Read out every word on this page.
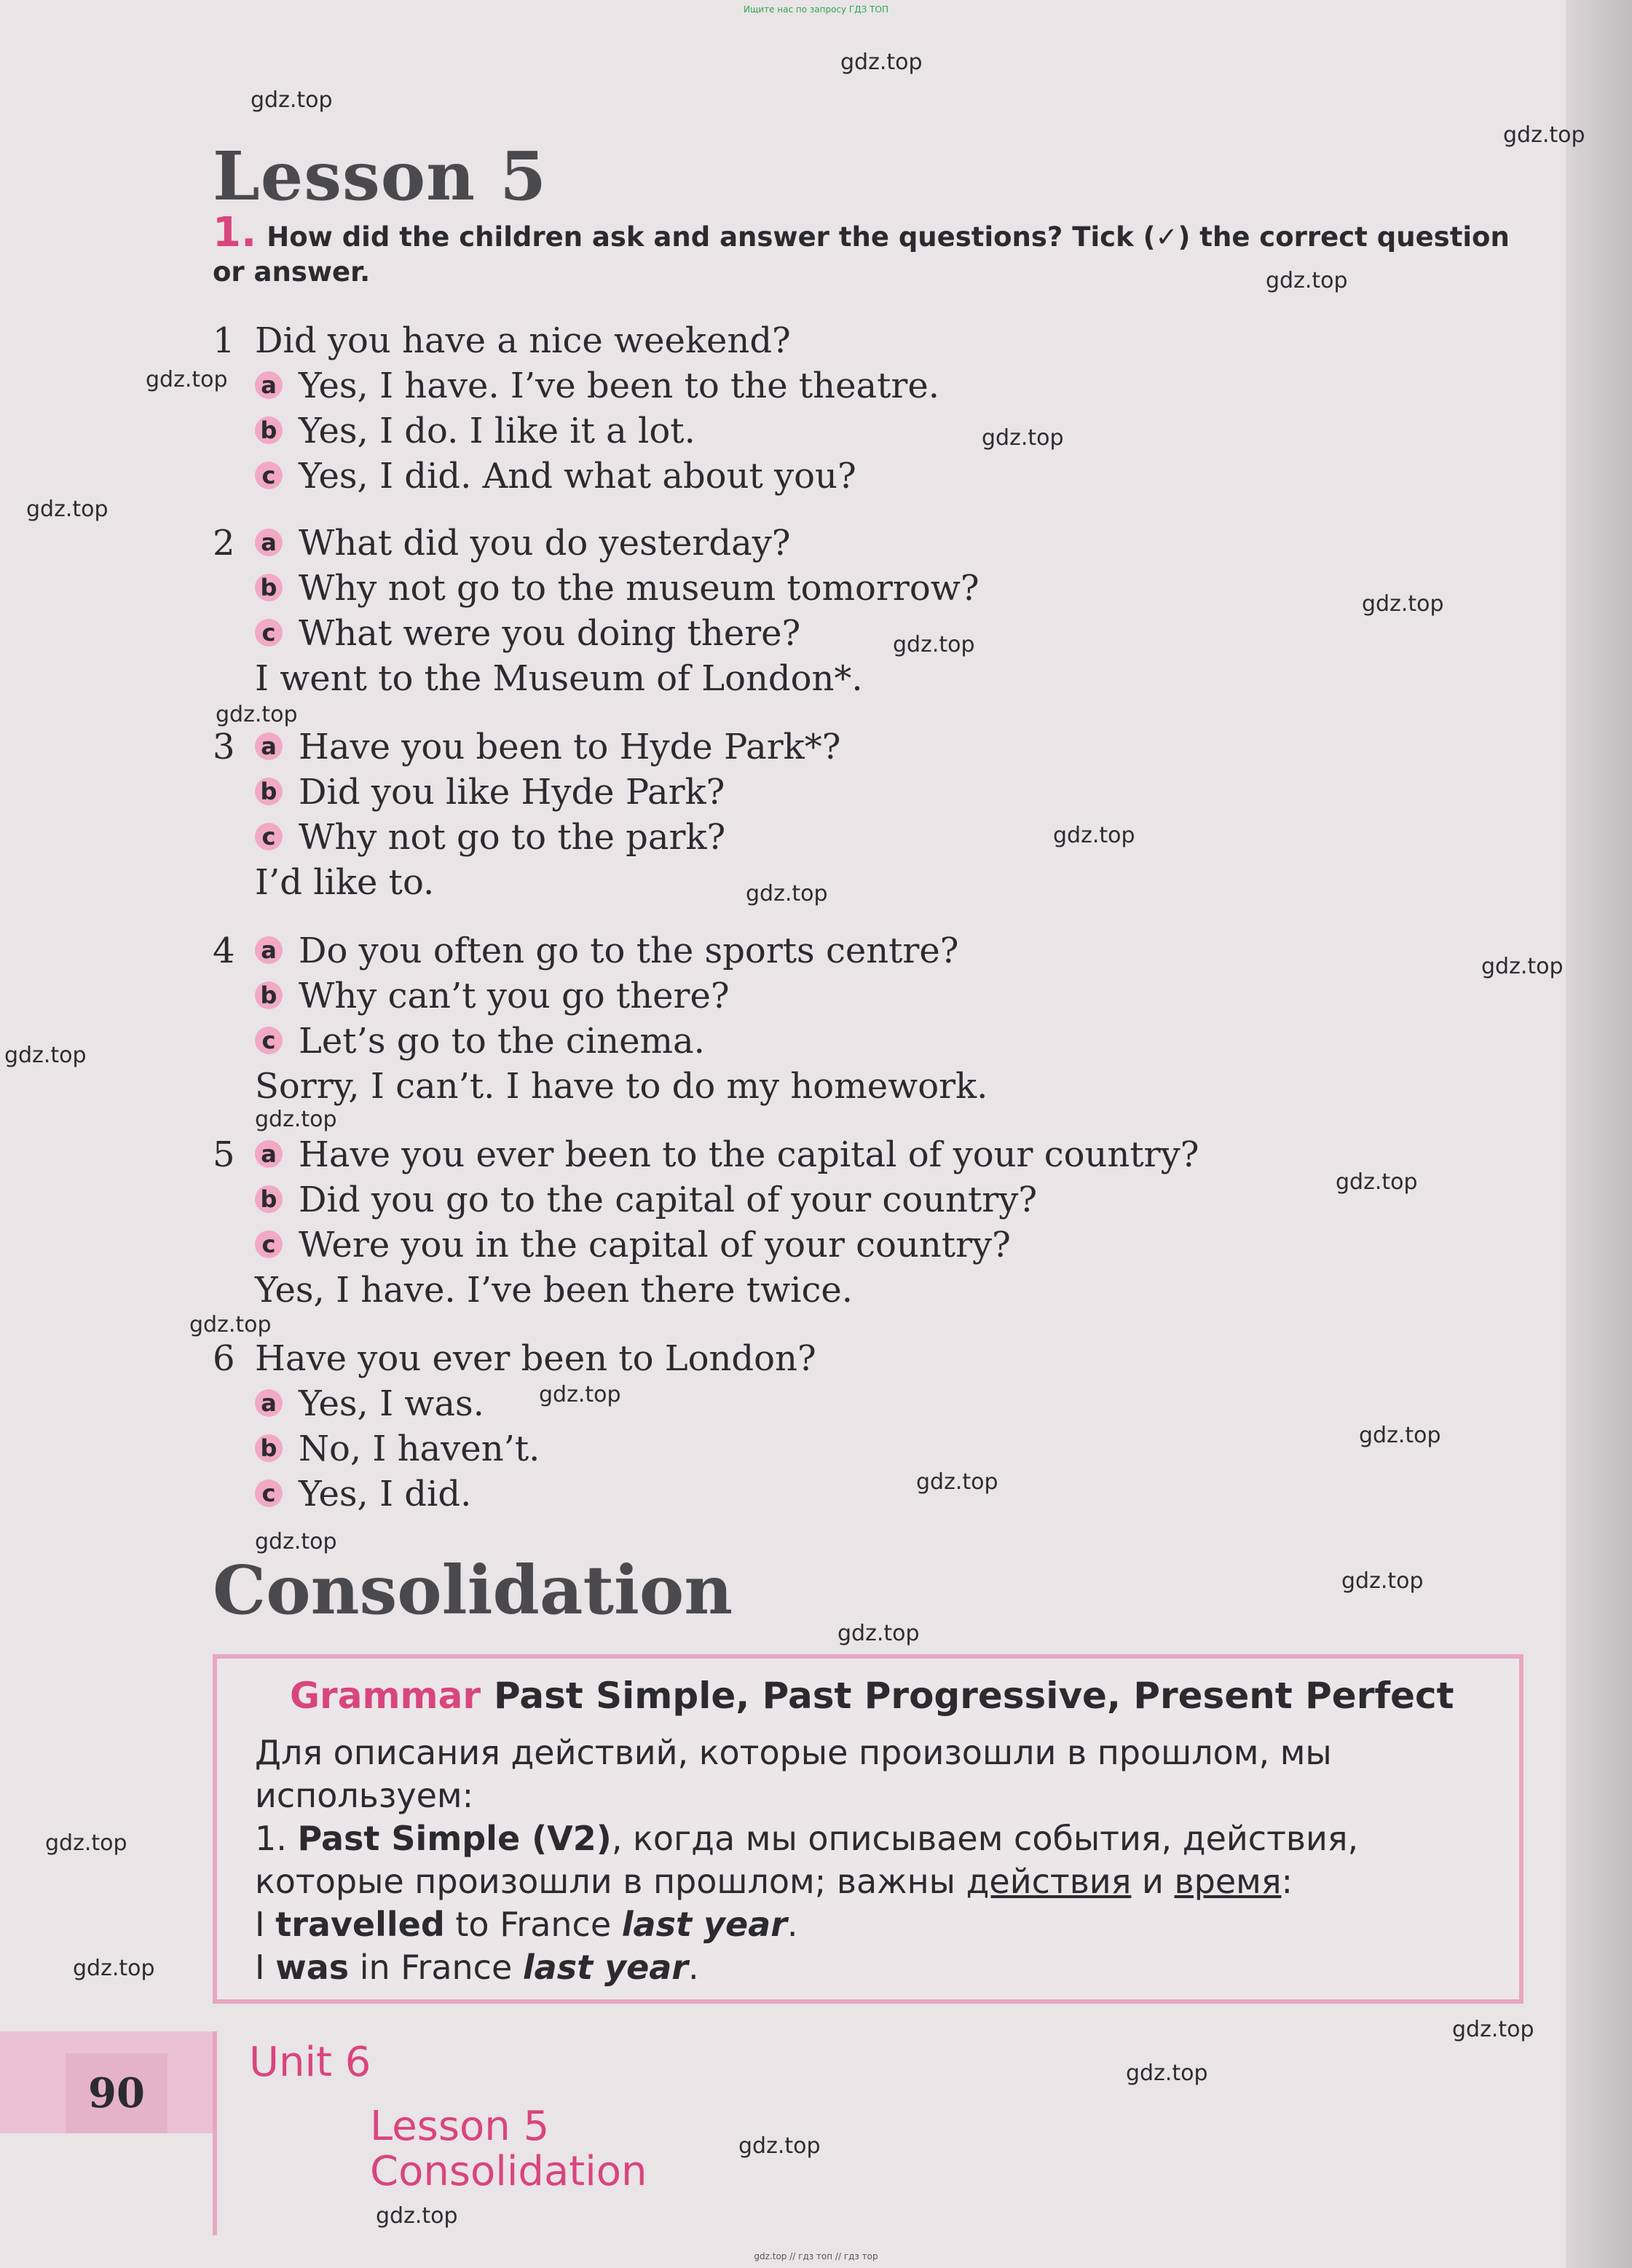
Ищите нас по запросу ГДЗ ТОП
gdz.top
gdz.top
gdz.top
gdz.top
gdz.top
gdz.top
gdz.top
gdz.top
gdz.top
gdz.top
gdz.top
gdz.top
gdz.top
gdz.top
gdz.top
gdz.top
gdz.top
gdz.top
gdz.top
gdz.top
gdz.top
gdz.top
gdz.top
gdz.top
gdz.top
gdz.top
gdz.top
gdz.top
gdz.top
Lesson 5
1. How did the children ask and answer the questions? Tick (✓) the correct question or answer.
1 Did you have a nice weekend?
a Yes, I have. I’ve been to the theatre.
b Yes, I do. I like it a lot.
c Yes, I did. And what about you?
2 a What did you do yesterday?
b Why not go to the museum tomorrow?
c What were you doing there?
I went to the Museum of London*.
3 a Have you been to Hyde Park*?
b Did you like Hyde Park?
c Why not go to the park?
I’d like to.
4 a Do you often go to the sports centre?
b Why can’t you go there?
c Let’s go to the cinema.
Sorry, I can’t. I have to do my homework.
5 a Have you ever been to the capital of your country?
b Did you go to the capital of your country?
c Were you in the capital of your country?
Yes, I have. I’ve been there twice.
6 Have you ever been to London?
a Yes, I was.
b No, I haven’t.
c Yes, I did.
Consolidation
Grammar Past Simple, Past Progressive, Present Perfect
Для описания действий, которые произошли в прошлом, мы используем:
1. Past Simple (V2), когда мы описываем события, действия, которые произошли в прошлом; важны действия и время:
I travelled to France last year.
I was in France last year.
90
Unit 6
Lesson 5
Consolidation
gdz.top // гдз топ // гдз тор
